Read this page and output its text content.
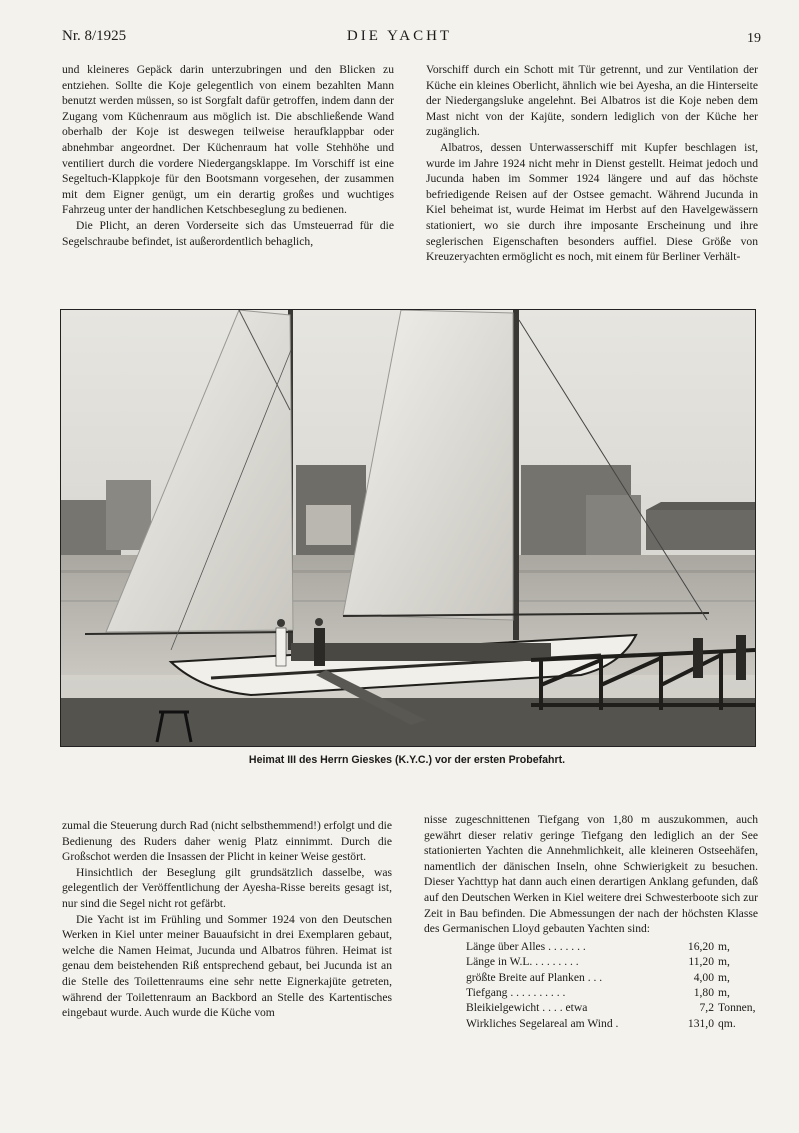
Nr. 8/1925	DIE YACHT	19

und kleineres Gepäck darin unterzubringen und den Blicken zu entziehen. Sollte die Koje gelegentlich von einem bezahlten Mann benutzt werden müssen, so ist Sorgfalt dafür getroffen, indem dann der Zugang vom Küchenraum aus möglich ist. Die abschließende Wand oberhalb der Koje ist deswegen teilweise heraufklappbar oder abnehmbar angeordnet. Der Küchenraum hat volle Stehhöhe und ventiliert durch die vordere Niedergangsklappe. Im Vorschiff ist eine Segeltuch-Klappkoje für den Bootsmann vorgesehen, der zusammen mit dem Eigner genügt, um ein derartig großes und wuchtiges Fahrzeug unter der handlichen Ketschbeseglung zu bedienen.

Die Plicht, an deren Vorderseite sich das Umsteuerrad für die Segelschraube befindet, ist außerordentlich behaglich,

Vorschiff durch ein Schott mit Tür getrennt, und zur Ventilation der Küche ein kleines Oberlicht, ähnlich wie bei Ayesha, an die Hinterseite der Niedergangsluke angelehnt. Bei Albatros ist die Koje neben dem Mast nicht von der Kajüte, sondern lediglich von der Küche her zugänglich.

Albatros, dessen Unterwasserschiff mit Kupfer beschlagen ist, wurde im Jahre 1924 nicht mehr in Dienst gestellt. Heimat jedoch und Jucunda haben im Sommer 1924 längere und auf das höchste befriedigende Reisen auf der Ostsee gemacht. Während Jucunda in Kiel beheimat ist, wurde Heimat im Herbst auf den Havelgewässern stationiert, wo sie durch ihre imposante Erscheinung und ihre seglerischen Eigenschaften besonders auffiel. Diese Größe von Kreuzeryachten ermöglicht es noch, mit einem für Berliner Verhält-

Heimat III des Herrn Gieskes (K.Y.C.) vor der ersten Probefahrt.

zumal die Steuerung durch Rad (nicht selbsthemmend!) erfolgt und die Bedienung des Ruders daher wenig Platz einnimmt. Durch die Großschot werden die Insassen der Plicht in keiner Weise gestört.

Hinsichtlich der Beseglung gilt grundsätzlich dasselbe, was gelegentlich der Veröffentlichung der Ayesha-Risse bereits gesagt ist, nur sind die Segel nicht rot gefärbt.

Die Yacht ist im Frühling und Sommer 1924 von den Deutschen Werken in Kiel unter meiner Bauaufsicht in drei Exemplaren gebaut, welche die Namen Heimat, Jucunda und Albatros führen. Heimat ist genau dem beistehenden Riß entsprechend gebaut, bei Jucunda ist an die Stelle des Toilettenraums eine sehr nette Eignerkajüte getreten, während der Toilettenraum an Backbord an Stelle des Kartentisches eingebaut wurde. Auch wurde die Küche vom

nisse zugeschnittenen Tiefgang von 1,80 m auszukommen, auch gewährt dieser relativ geringe Tiefgang den lediglich an der See stationierten Yachten die Annehmlichkeit, alle kleineren Ostseehäfen, namentlich der dänischen Inseln, ohne Schwierigkeit zu besuchen. Dieser Yachttyp hat dann auch einen derartigen Anklang gefunden, daß auf den Deutschen Werken in Kiel weitere drei Schwesterboote sich zur Zeit in Bau befinden. Die Abmessungen der nach der höchsten Klasse des Germanischen Lloyd gebauten Yachten sind:

Länge über Alles . . . . . . .	16,20	m,
Länge in W.L. . . . . . . . .	11,20	m,
größte Breite auf Planken . . .	4,00	m,
Tiefgang . . . . . . . . . .	1,80	m,
Bleikielgewicht . . . . etwa	7,2	Tonnen,
Wirkliches Segelareal am Wind .	131,0	qm.
